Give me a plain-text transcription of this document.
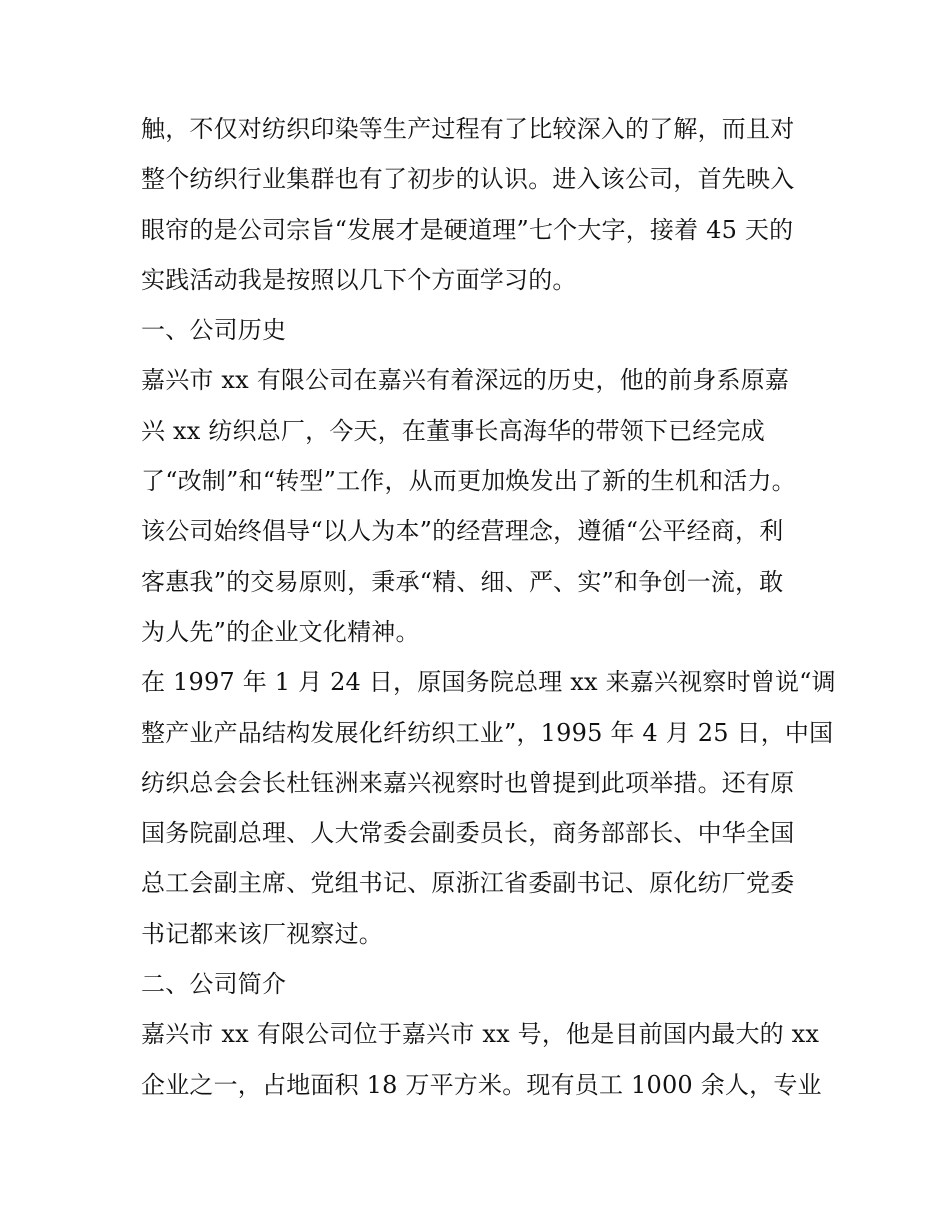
触，不仅对纺织印染等生产过程有了比较深入的了解，而且对
整个纺织行业集群也有了初步的认识。进入该公司，首先映入
眼帘的是公司宗旨“发展才是硬道理”七个大字，接着 45 天的
实践活动我是按照以几下个方面学习的。
一、公司历史
嘉兴市 xx 有限公司在嘉兴有着深远的历史，他的前身系原嘉
兴 xx 纺织总厂，今天，在董事长高海华的带领下已经完成
了“改制”和“转型”工作，从而更加焕发出了新的生机和活力。
该公司始终倡导“以人为本”的经营理念，遵循“公平经商，利
客惠我”的交易原则，秉承“精、细、严、实”和争创一流，敢
为人先”的企业文化精神。
在 1997 年 1 月 24 日，原国务院总理 xx 来嘉兴视察时曾说“调
整产业产品结构发展化纤纺织工业”，1995 年 4 月 25 日，中国
纺织总会会长杜钰洲来嘉兴视察时也曾提到此项举措。还有原
国务院副总理、人大常委会副委员长，商务部部长、中华全国
总工会副主席、党组书记、原浙江省委副书记、原化纺厂党委
书记都来该厂视察过。
二、公司简介
嘉兴市 xx 有限公司位于嘉兴市 xx 号，他是目前国内最大的 xx
企业之一，占地面积 18 万平方米。现有员工 1000 余人，专业
